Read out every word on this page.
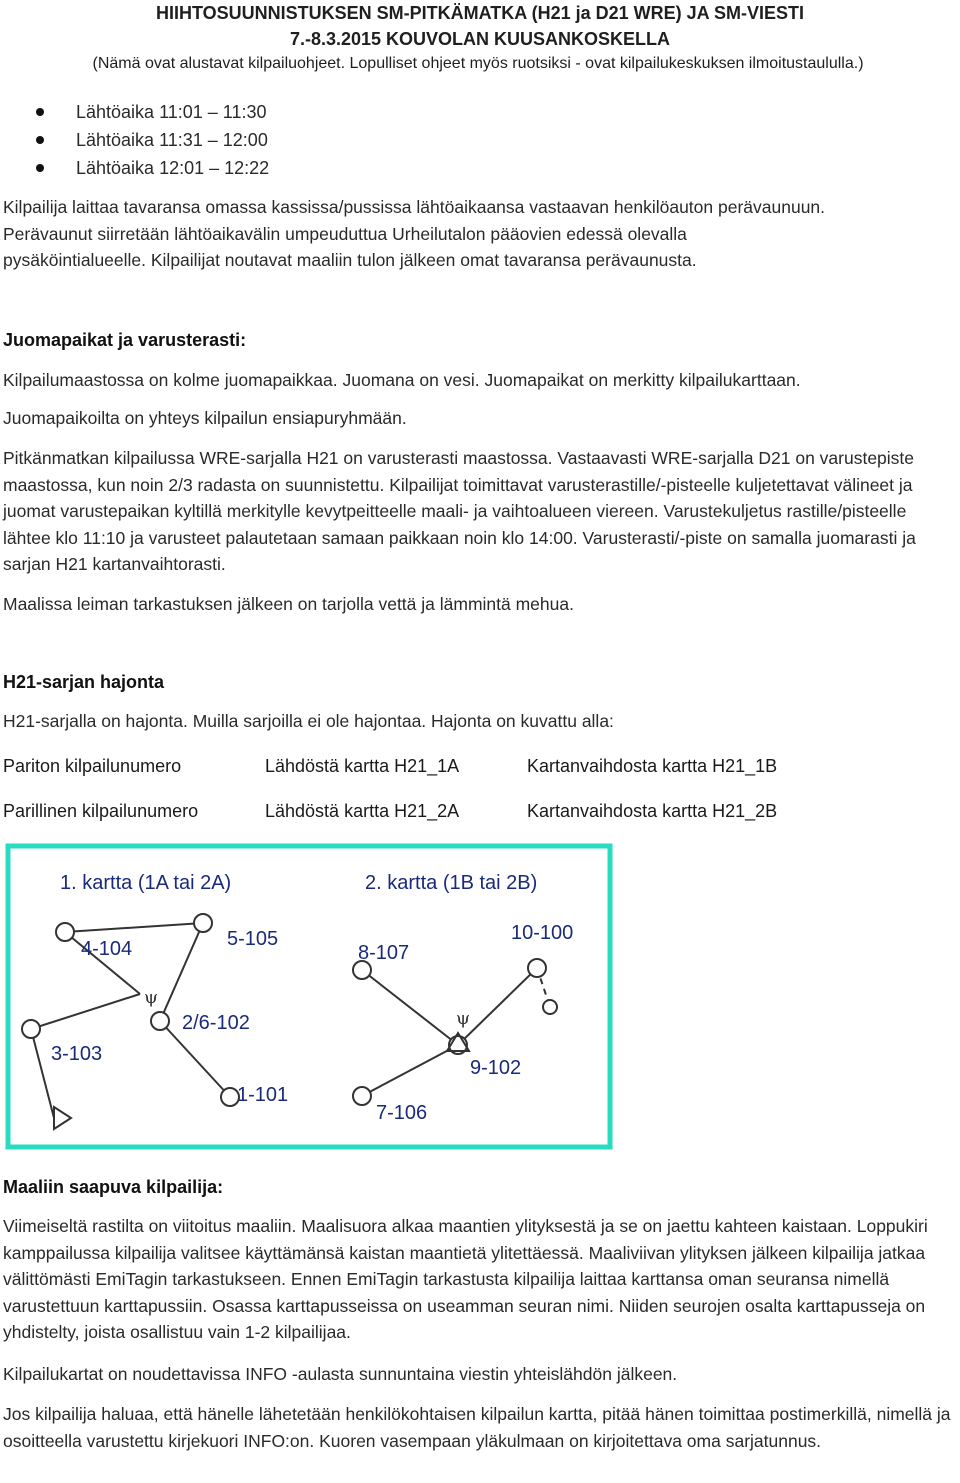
HIIHTOSUUNNISTUKSEN SM-PITKÄMATKA (H21 ja D21 WRE) JA SM-VIESTI
7.-8.3.2015 KOUVOLAN KUUSANKOSKELLA
(Nämä ovat alustavat kilpailuohjeet. Lopulliset ohjeet myös ruotsiksi - ovat kilpailukeskuksen ilmoitustaululla.)
Lähtöaika 11:01 – 11:30
Lähtöaika 11:31 – 12:00
Lähtöaika 12:01 – 12:22
Kilpailija laittaa tavaransa omassa kassissa/pussissa lähtöaikaansa vastaavan henkilöauton perävaunuun.
Perävaunut siirretään lähtöaikavälin umpeuduttua Urheilutalon pääovien edessä olevalla
pysäköintialueelle. Kilpailijat noutavat maaliin tulon jälkeen omat tavaransa perävaunusta.
Juomapaikat ja varusterasti:
Kilpailumaastossa on kolme juomapaikkaa. Juomana on vesi. Juomapaikat on merkitty kilpailukarttaan.
Juomapaikoilta on yhteys kilpailun ensiapuryhmään.
Pitkänmatkan kilpailussa WRE-sarjalla H21 on varusterasti maastossa. Vastaavasti WRE-sarjalla D21 on varustepiste maastossa, kun noin 2/3 radasta on suunnistettu. Kilpailijat toimittavat varusterastille/-pisteelle kuljetettavat välineet ja juomat varustepaikan kyltillä merkitylle kevytpeitteelle maali- ja vaihtoalueen viereen. Varustekuljetus rastille/pisteelle lähtee klo 11:10 ja varusteet palautetaan samaan paikkaan noin klo 14:00. Varusterasti/-piste on samalla juomarasti ja sarjan H21 kartanvaihtorasti.
Maalissa leiman tarkastuksen jälkeen on tarjolla vettä ja lämmintä mehua.
H21-sarjan hajonta
H21-sarjalla on hajonta. Muilla sarjoilla ei ole hajontaa. Hajonta on kuvattu alla:
Pariton kilpailunumero	Lähdöstä kartta H21_1A	Kartanvaihdosta kartta H21_1B
Parillinen kilpailunumero	Lähdöstä kartta H21_2A	Kartanvaihdosta kartta H21_2B
1. kartta (1A tai 2A)	2. kartta (1B tai 2B)
ψ
4-104	5-105
2/6-102
3-103
1-101
ψ
8-107
10-100
9-102
7-106
Maaliin saapuva kilpailija:
Viimeiseltä rastilta on viitoitus maaliin. Maalisuora alkaa maantien ylityksestä ja se on jaettu kahteen kaistaan. Loppukiri kamppailussa kilpailija valitsee käyttämänsä kaistan maantietä ylitettäessä. Maaliviivan ylityksen jälkeen kilpailija jatkaa välittömästi EmiTagin tarkastukseen. Ennen EmiTagin tarkastusta kilpailija laittaa karttansa oman seuransa nimellä varustettuun karttapussiin. Osassa karttapusseissa on useamman seuran nimi. Niiden seurojen osalta karttapusseja on yhdistelty, joista osallistuu vain 1-2 kilpailijaa.
Kilpailukartat on noudettavissa INFO -aulasta sunnuntaina viestin yhteislähdön jälkeen.
Jos kilpailija haluaa, että hänelle lähetetään henkilökohtaisen kilpailun kartta, pitää hänen toimittaa postimerkillä, nimellä ja osoitteella varustettu kirjekuori INFO:on. Kuoren vasempaan yläkulmaan on kirjoitettava oma sarjatunnus.
